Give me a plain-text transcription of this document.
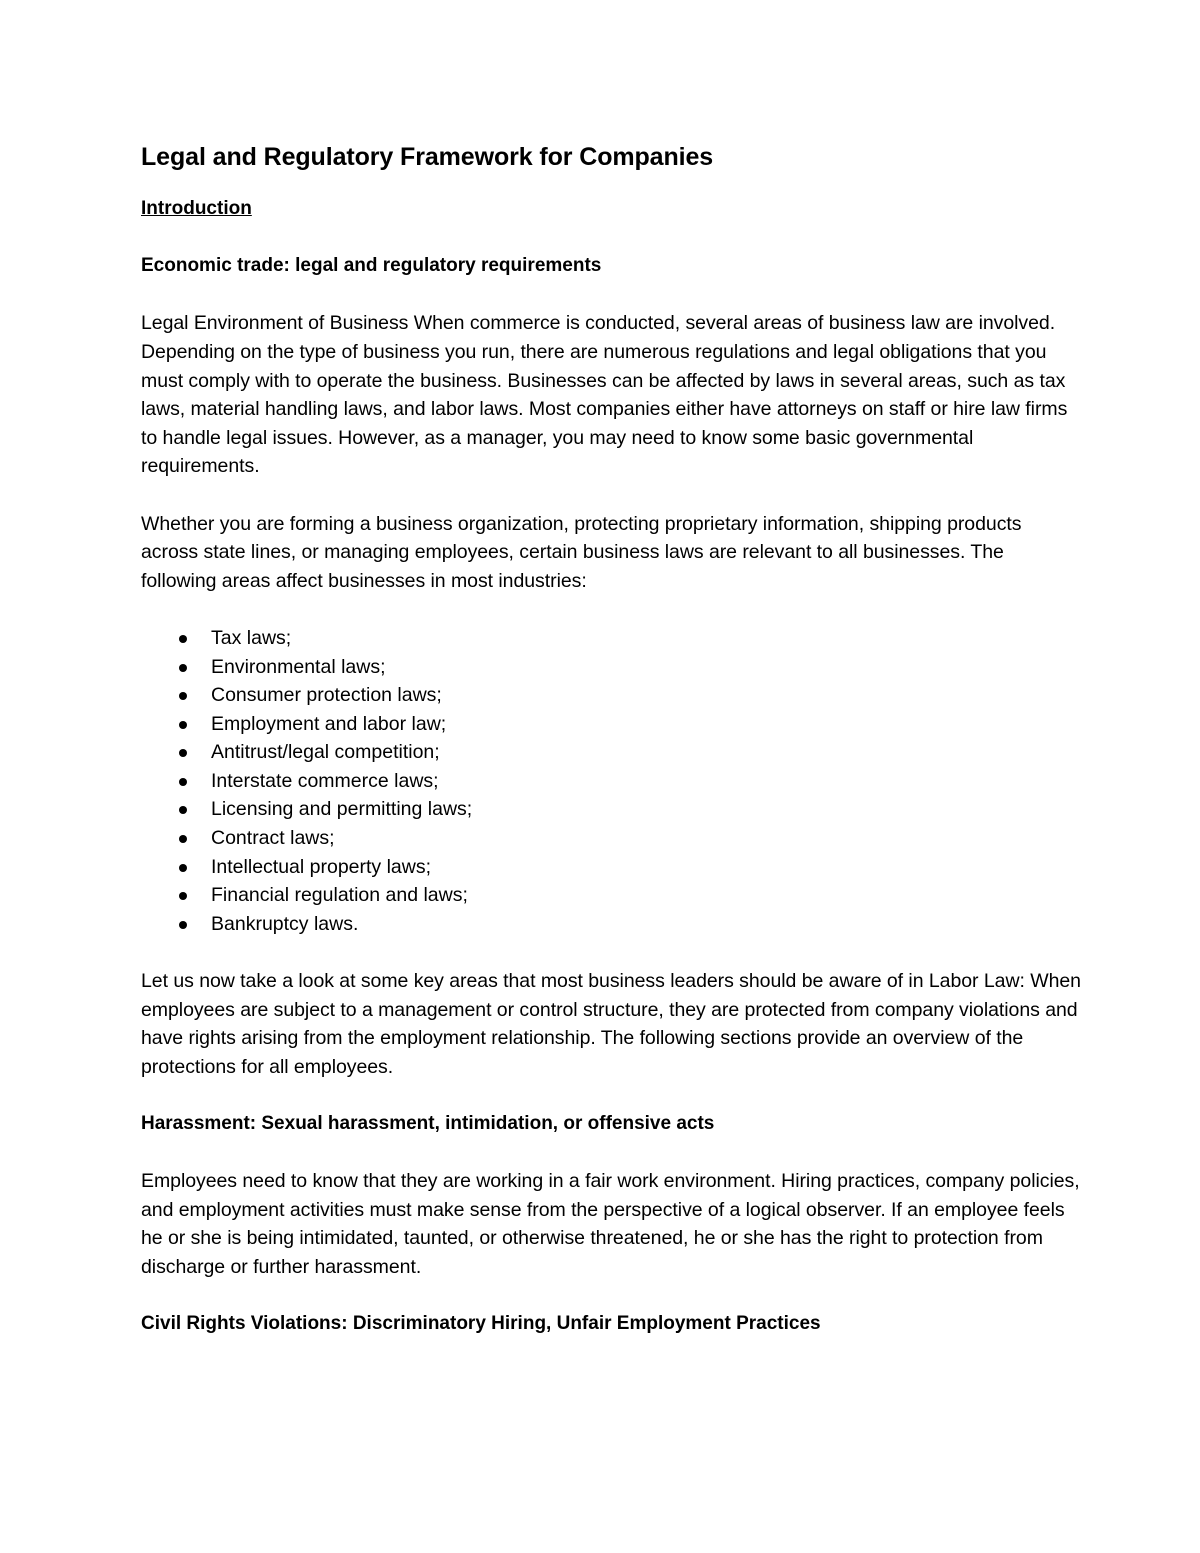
Legal and Regulatory Framework for Companies
Introduction
Economic trade: legal and regulatory requirements

Legal Environment of Business When commerce is conducted, several areas of business law are involved. Depending on the type of business you run, there are numerous regulations and legal obligations that you must comply with to operate the business. Businesses can be affected by laws in several areas, such as tax laws, material handling laws, and labor laws. Most companies either have attorneys on staff or hire law firms to handle legal issues. However, as a manager, you may need to know some basic governmental requirements.

Whether you are forming a business organization, protecting proprietary information, shipping products across state lines, or managing employees, certain business laws are relevant to all businesses. The following areas affect businesses in most industries:

Tax laws;
Environmental laws;
Consumer protection laws;
Employment and labor law;
Antitrust/legal competition;
Interstate commerce laws;
Licensing and permitting laws;
Contract laws;
Intellectual property laws;
Financial regulation and laws;
Bankruptcy laws.

Let us now take a look at some key areas that most business leaders should be aware of in Labor Law: When employees are subject to a management or control structure, they are protected from company violations and have rights arising from the employment relationship. The following sections provide an overview of the protections for all employees.

Harassment: Sexual harassment, intimidation, or offensive acts

Employees need to know that they are working in a fair work environment. Hiring practices, company policies, and employment activities must make sense from the perspective of a logical observer. If an employee feels he or she is being intimidated, taunted, or otherwise threatened, he or she has the right to protection from discharge or further harassment.

Civil Rights Violations: Discriminatory Hiring, Unfair Employment Practices
